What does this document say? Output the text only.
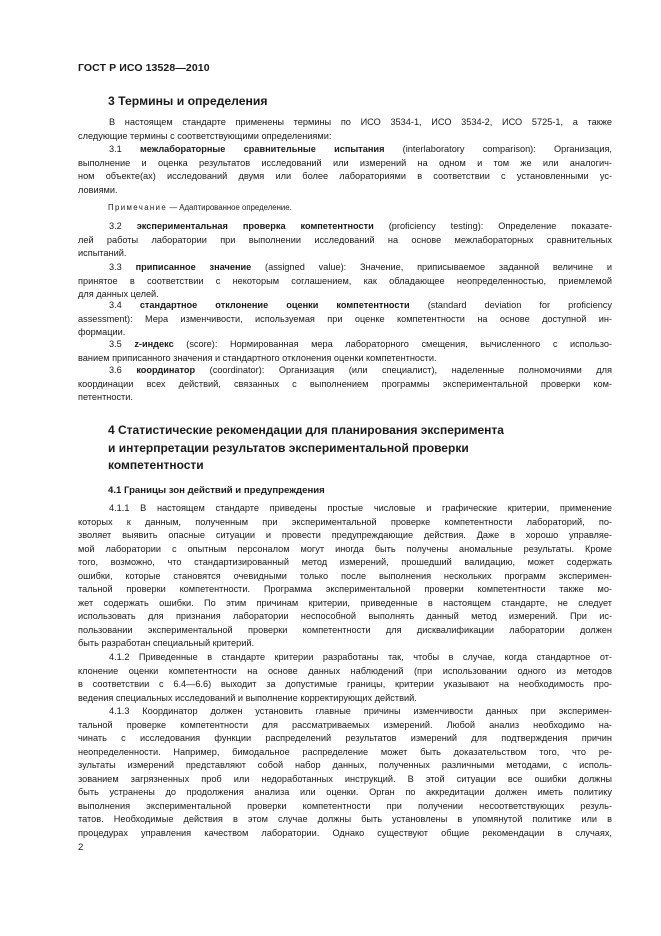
ГОСТ Р ИСО 13528—2010
3 Термины и определения
В настоящем стандарте применены термины по ИСО 3534-1, ИСО 3534-2, ИСО 5725-1, а также
следующие термины с соответствующими определениями:
3.1 межлабораторные сравнительные испытания (interlaboratory comparison): Организация,
выполнение и оценка результатов исследований или измерений на одном и том же или аналогич-
ном объекте(ах) исследований двумя или более лабораториями в соответствии с установленными ус-
ловиями.
Примечание — Адаптированное определение.
3.2 экспериментальная проверка компетентности (proficiency testing): Определение показате-
лей работы лаборатории при выполнении исследований на основе межлабораторных сравнительных
испытаний.
3.3 приписанное значение (assigned value): Значение, приписываемое заданной величине и
принятое в соответствии с некоторым соглашением, как обладающее неопределенностью, приемлемой
для данных целей.
3.4 стандартное отклонение оценки компетентности (standard deviation for proficiency
assessment): Мера изменчивости, используемая при оценке компетентности на основе доступной ин-
формации.
3.5 z-индекс (score): Нормированная мера лабораторного смещения, вычисленного с использо-
ванием приписанного значения и стандартного отклонения оценки компетентности.
3.6 координатор (coordinator): Организация (или специалист), наделенные полномочиями для
координации всех действий, связанных с выполнением программы экспериментальной проверки ком-
петентности.
4 Статистические рекомендации для планирования эксперимента
и интерпретации результатов экспериментальной проверки
компетентности
4.1 Границы зон действий и предупреждения
4.1.1 В настоящем стандарте приведены простые числовые и графические критерии, применение
которых к данным, полученным при экспериментальной проверке компетентности лабораторий, по-
зволяет выявить опасные ситуации и провести предупреждающие действия. Даже в хорошо управляе-
мой лаборатории с опытным персоналом могут иногда быть получены аномальные результаты. Кроме
того, возможно, что стандартизированный метод измерений, прошедший валидацию, может содержать
ошибки, которые становятся очевидными только после выполнения нескольких программ эксперимен-
тальной проверки компетентности. Программа экспериментальной проверки компетентности также мо-
жет содержать ошибки. По этим причинам критерии, приведенные в настоящем стандарте, не следует
использовать для признания лаборатории неспособной выполнять данный метод измерений. При ис-
пользовании экспериментальной проверки компетентности для дисквалификации лаборатории должен
быть разработан специальный критерий.
4.1.2 Приведенные в стандарте критерии разработаны так, чтобы в случае, когда стандартное от-
клонение оценки компетентности на основе данных наблюдений (при использовании одного из методов
в соответствии с 6.4—6.6) выходит за допустимые границы, критерии указывают на необходимость про-
ведения специальных исследований и выполнение корректирующих действий.
4.1.3 Координатор должен установить главные причины изменчивости данных при эксперимен-
тальной проверке компетентности для рассматриваемых измерений. Любой анализ необходимо на-
чинать с исследования функции распределений результатов измерений для подтверждения причин
неопределенности. Например, бимодальное распределение может быть доказательством того, что ре-
зультаты измерений представляют собой набор данных, полученных различными методами, с исполь-
зованием загрязненных проб или недоработанных инструкций. В этой ситуации все ошибки должны
быть устранены до продолжения анализа или оценки. Орган по аккредитации должен иметь политику
выполнения экспериментальной проверки компетентности при получении несоответствующих резуль-
татов. Необходимые действия в этом случае должны быть установлены в упомянутой политике или в
процедурах управления качеством лаборатории. Однако существуют общие рекомендации в случаях,
2
